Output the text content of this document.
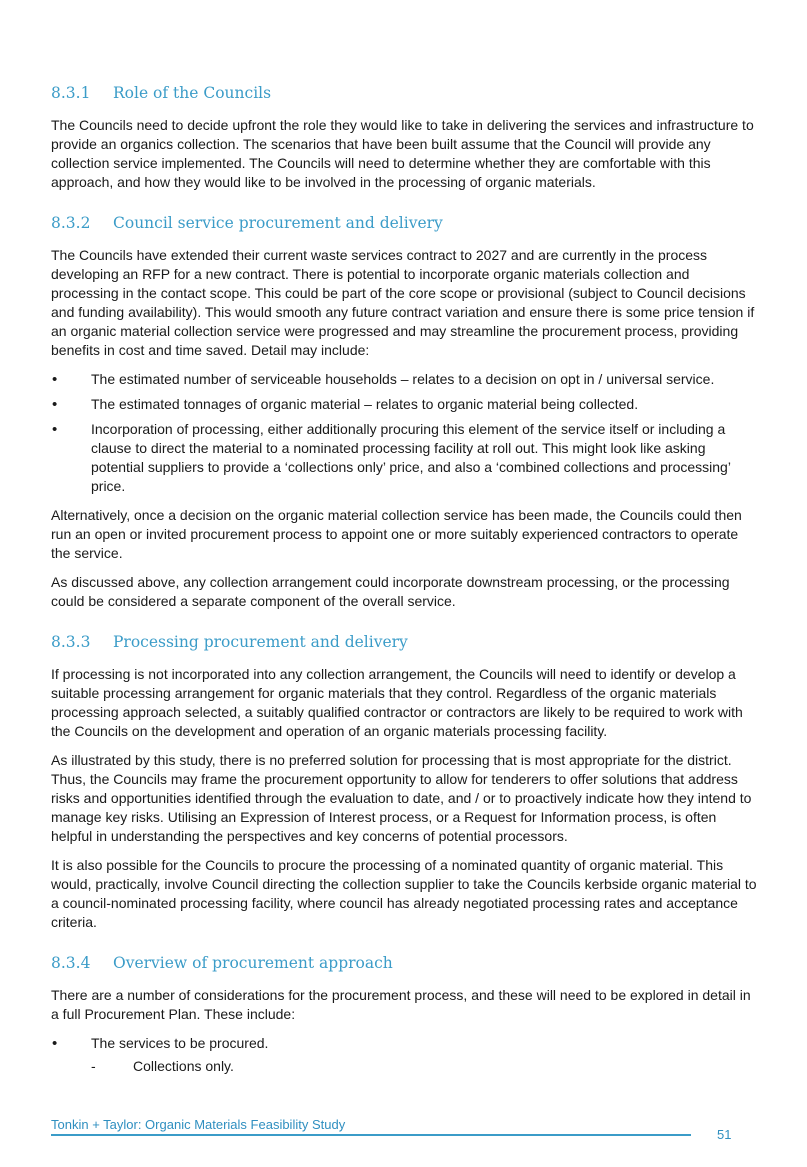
8.3.1	Role of the Councils

The Councils need to decide upfront the role they would like to take in delivering the services and infrastructure to provide an organics collection. The scenarios that have been built assume that the Council will provide any collection service implemented. The Councils will need to determine whether they are comfortable with this approach, and how they would like to be involved in the processing of organic materials.

8.3.2	Council service procurement and delivery

The Councils have extended their current waste services contract to 2027 and are currently in the process developing an RFP for a new contract. There is potential to incorporate organic materials collection and processing in the contact scope. This could be part of the core scope or provisional (subject to Council decisions and funding availability). This would smooth any future contract variation and ensure there is some price tension if an organic material collection service were progressed and may streamline the procurement process, providing benefits in cost and time saved. Detail may include:

• The estimated number of serviceable households – relates to a decision on opt in / universal service.
• The estimated tonnages of organic material – relates to organic material being collected.
• Incorporation of processing, either additionally procuring this element of the service itself or including a clause to direct the material to a nominated processing facility at roll out. This might look like asking potential suppliers to provide a ‘collections only’ price, and also a ‘combined collections and processing’ price.

Alternatively, once a decision on the organic material collection service has been made, the Councils could then run an open or invited procurement process to appoint one or more suitably experienced contractors to operate the service.

As discussed above, any collection arrangement could incorporate downstream processing, or the processing could be considered a separate component of the overall service.

8.3.3	Processing procurement and delivery

If processing is not incorporated into any collection arrangement, the Councils will need to identify or develop a suitable processing arrangement for organic materials that they control. Regardless of the organic materials processing approach selected, a suitably qualified contractor or contractors are likely to be required to work with the Councils on the development and operation of an organic materials processing facility.

As illustrated by this study, there is no preferred solution for processing that is most appropriate for the district. Thus, the Councils may frame the procurement opportunity to allow for tenderers to offer solutions that address risks and opportunities identified through the evaluation to date, and / or to proactively indicate how they intend to manage key risks. Utilising an Expression of Interest process, or a Request for Information process, is often helpful in understanding the perspectives and key concerns of potential processors.

It is also possible for the Councils to procure the processing of a nominated quantity of organic material. This would, practically, involve Council directing the collection supplier to take the Councils kerbside organic material to a council-nominated processing facility, where council has already negotiated processing rates and acceptance criteria.

8.3.4	Overview of procurement approach

There are a number of considerations for the procurement process, and these will need to be explored in detail in a full Procurement Plan. These include:

• The services to be procured.
- Collections only.
Tonkin + Taylor: Organic Materials Feasibility Study
51
